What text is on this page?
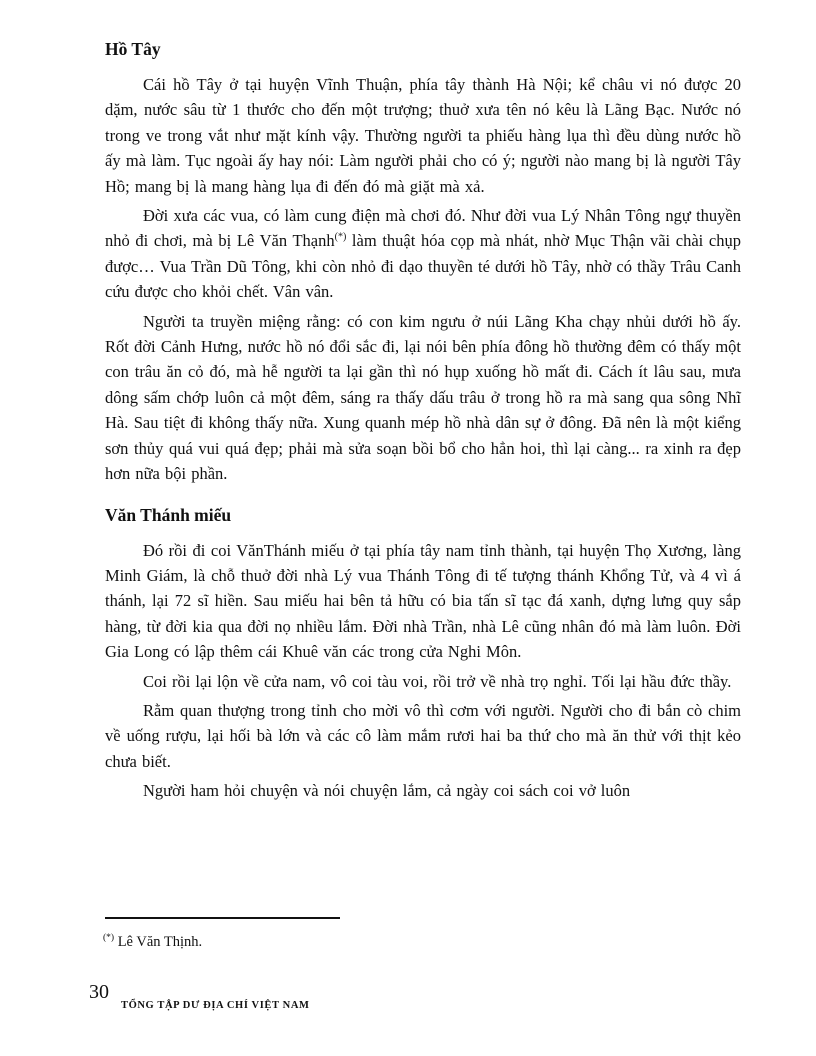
Hồ Tây

Cái hồ Tây ở tại huyện Vĩnh Thuận, phía tây thành Hà Nội; kể châu vi nó được 20 dặm, nước sâu từ 1 thước cho đến một trượng; thuở xưa tên nó kêu là Lãng Bạc. Nước nó trong ve trong vắt như mặt kính vậy. Thường người ta phiếu hàng lụa thì đều dùng nước hồ ấy mà làm. Tục ngoài ấy hay nói: Làm người phải cho có ý; người nào mang bị là người Tây Hồ; mang bị là mang hàng lụa đi đến đó mà giặt mà xả.

Đời xưa các vua, có làm cung điện mà chơi đó. Như đời vua Lý Nhân Tông ngự thuyền nhỏ đi chơi, mà bị Lê Văn Thạnh(*) làm thuật hóa cọp mà nhát, nhờ Mục Thận vãi chài chụp được… Vua Trần Dũ Tông, khi còn nhỏ đi dạo thuyền té dưới hồ Tây, nhờ có thầy Trâu Canh cứu được cho khỏi chết. Vân vân.

Người ta truyền miệng rằng: có con kim ngưu ở núi Lãng Kha chạy nhủi dưới hồ ấy. Rốt đời Cảnh Hưng, nước hồ nó đổi sắc đi, lại nói bên phía đông hồ thường đêm có thấy một con trâu ăn cỏ đó, mà hễ người ta lại gần thì nó hụp xuống hồ mất đi. Cách ít lâu sau, mưa dông sấm chớp luôn cả một đêm, sáng ra thấy dấu trâu ở trong hồ ra mà sang qua sông Nhĩ Hà. Sau tiệt đi không thấy nữa. Xung quanh mép hồ nhà dân sự ở đông. Đã nên là một kiểng sơn thủy quá vui quá đẹp; phải mà sửa soạn bồi bổ cho hẳn hoi, thì lại càng... ra xinh ra đẹp hơn nữa bội phần.

Văn Thánh miếu

Đó rồi đi coi VănThánh miếu ở tại phía tây nam tỉnh thành, tại huyện Thọ Xương, làng Minh Giám, là chỗ thuở đời nhà Lý vua Thánh Tông đi tế tượng thánh Khổng Tử, và 4 vì á thánh, lại 72 sĩ hiền. Sau miếu hai bên tả hữu có bia tấn sĩ tạc đá xanh, dựng lưng quy sắp hàng, từ đời kia qua đời nọ nhiều lắm. Đời nhà Trần, nhà Lê cũng nhân đó mà làm luôn. Đời Gia Long có lập thêm cái Khuê văn các trong cửa Nghi Môn.

Coi rồi lại lộn về cửa nam, vô coi tàu voi, rồi trở về nhà trọ nghỉ. Tối lại hầu đức thầy.

Rằm quan thượng trong tỉnh cho mời vô thì cơm với người. Người cho đi bắn cò chim về uống rượu, lại hối bà lớn và các cô làm mắm rươi hai ba thứ cho mà ăn thử với thịt kẻo chưa biết.

Người ham hỏi chuyện và nói chuyện lắm, cả ngày coi sách coi vở luôn

(*) Lê Văn Thịnh.
30
TỔNG TẬP DƯ ĐỊA CHÍ VIỆT NAM
